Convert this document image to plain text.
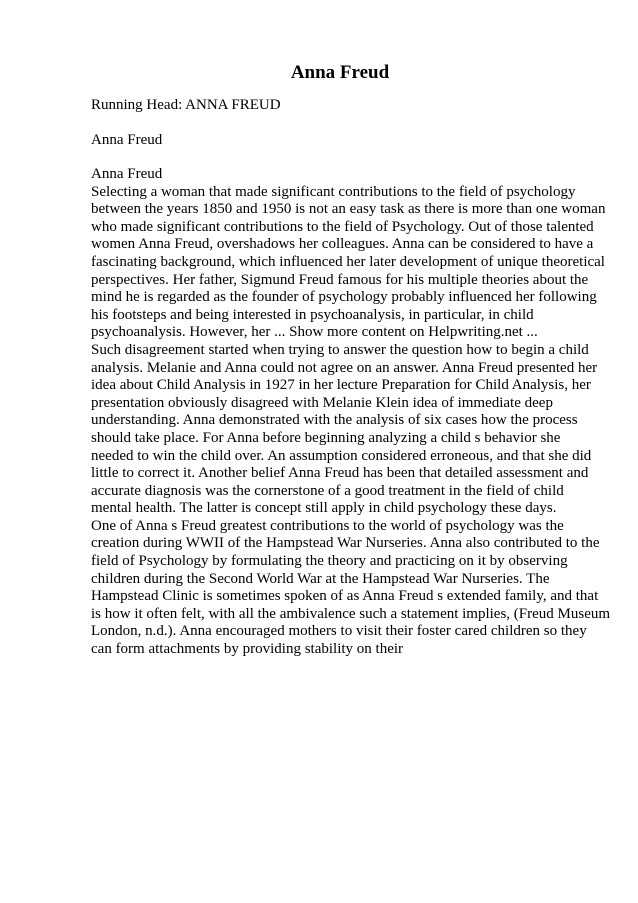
Anna Freud

Running Head: ANNA FREUD

Anna Freud

Anna Freud
Selecting a woman that made significant contributions to the field of psychology
between the years 1850 and 1950 is not an easy task as there is more than one woman
who made significant contributions to the field of Psychology. Out of those talented
women Anna Freud, overshadows her colleagues. Anna can be considered to have a
fascinating background, which influenced her later development of unique theoretical
perspectives. Her father, Sigmund Freud famous for his multiple theories about the
mind he is regarded as the founder of psychology probably influenced her following
his footsteps and being interested in psychoanalysis, in particular, in child
psychoanalysis. However, her ... Show more content on Helpwriting.net ...
Such disagreement started when trying to answer the question how to begin a child
analysis. Melanie and Anna could not agree on an answer. Anna Freud presented her
idea about Child Analysis in 1927 in her lecture Preparation for Child Analysis, her
presentation obviously disagreed with Melanie Klein idea of immediate deep
understanding. Anna demonstrated with the analysis of six cases how the process
should take place. For Anna before beginning analyzing a child s behavior she
needed to win the child over. An assumption considered erroneous, and that she did
little to correct it. Another belief Anna Freud has been that detailed assessment and
accurate diagnosis was the cornerstone of a good treatment in the field of child
mental health. The latter is concept still apply in child psychology these days.
One of Anna s Freud greatest contributions to the world of psychology was the
creation during WWII of the Hampstead War Nurseries. Anna also contributed to the
field of Psychology by formulating the theory and practicing on it by observing
children during the Second World War at the Hampstead War Nurseries. The
Hampstead Clinic is sometimes spoken of as Anna Freud s extended family, and that
is how it often felt, with all the ambivalence such a statement implies, (Freud Museum
London, n.d.). Anna encouraged mothers to visit their foster cared children so they
can form attachments by providing stability on their
